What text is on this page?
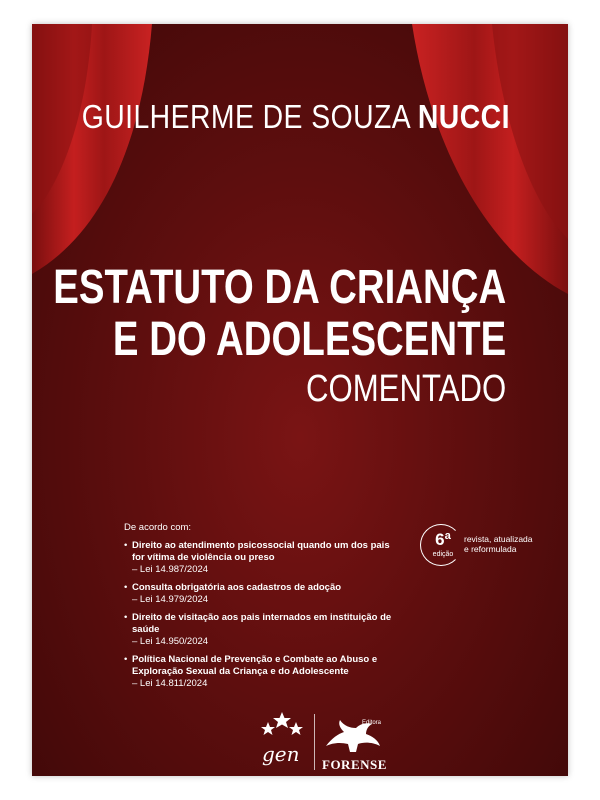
GUILHERME DE SOUZA NUCCI
ESTATUTO DA CRIANÇA
E DO ADOLESCENTE
COMENTADO
De acordo com:
• Direito ao atendimento psicossocial quando um dos pais for vítima de violência ou preso
– Lei 14.987/2024
• Consulta obrigatória aos cadastros de adoção
– Lei 14.979/2024
• Direito de visitação aos pais internados em instituição de saúde
– Lei 14.950/2024
• Política Nacional de Prevenção e Combate ao Abuso e Exploração Sexual da Criança e do Adolescente
– Lei 14.811/2024
6ª
edição
revista, atualizada e reformulada
gen
Editora
FORENSE
